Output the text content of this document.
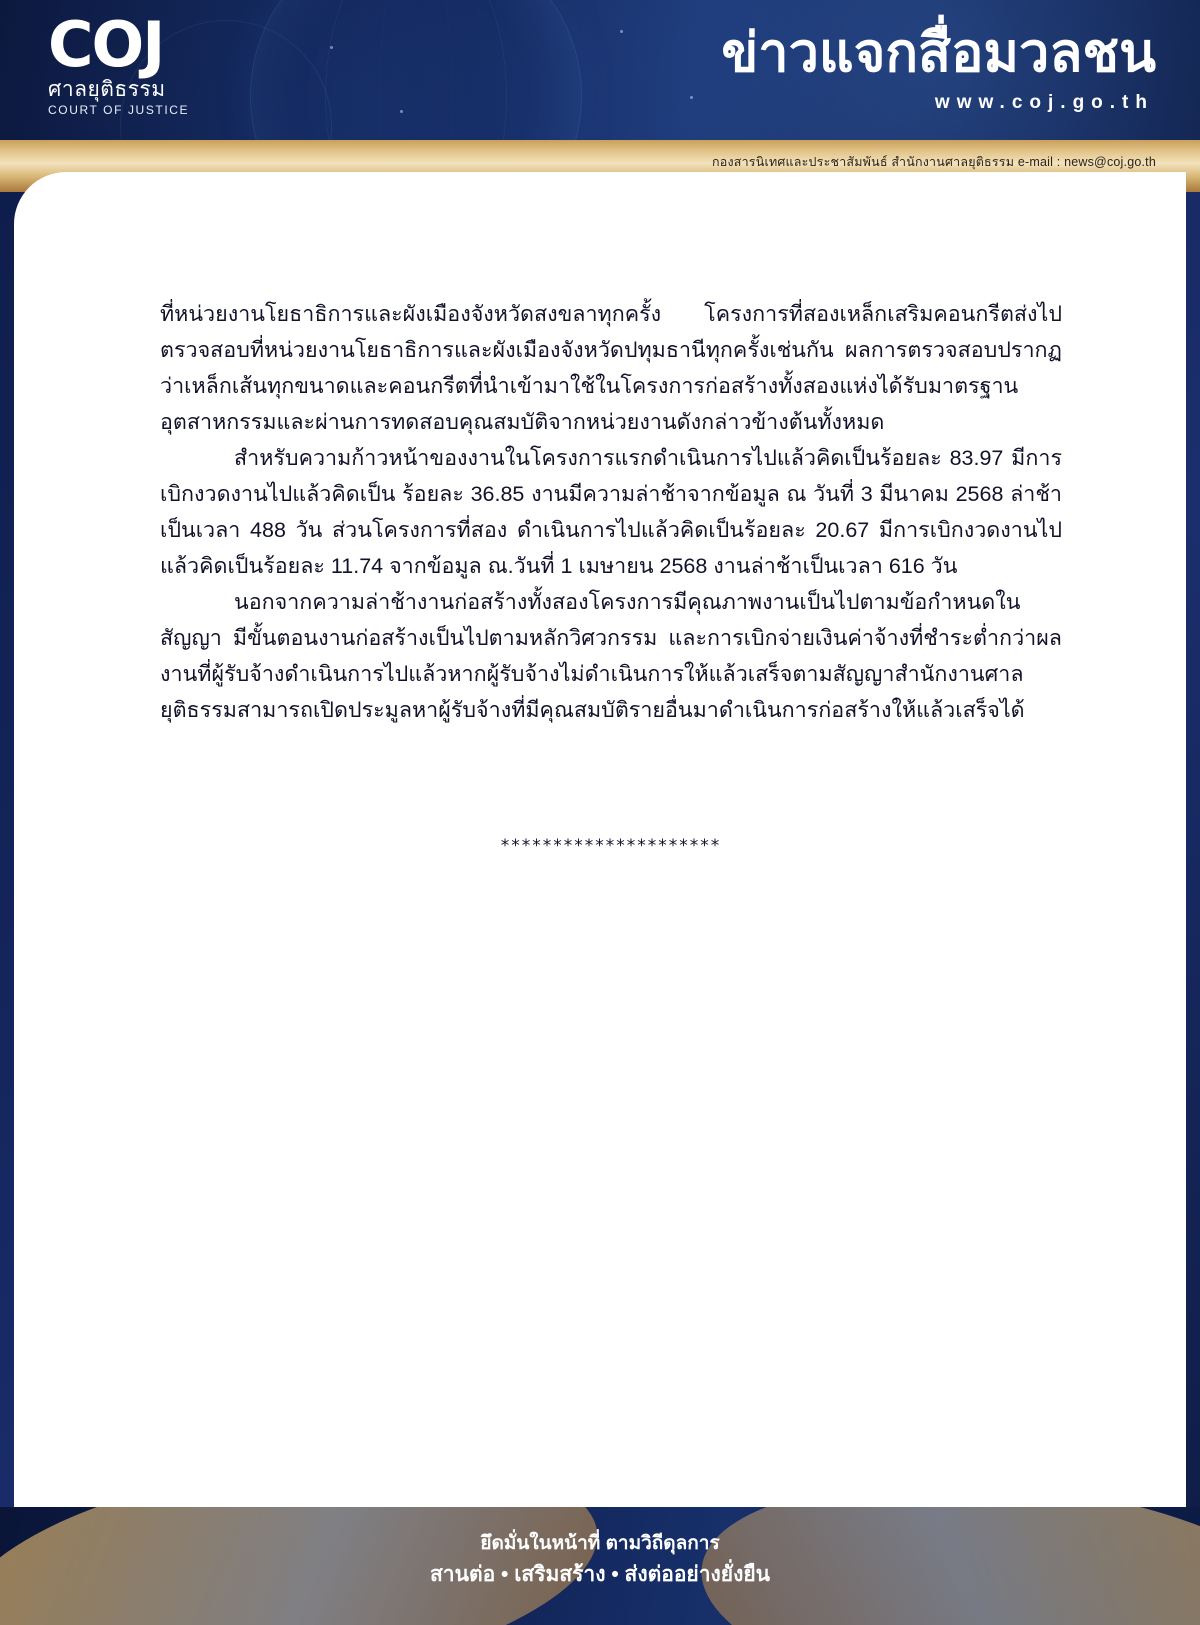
COJ
ศาลยุติธรรม
COURT OF JUSTICE
ข่าวแจกสื่อมวลชน
www.coj.go.th
กองสารนิเทศและประชาสัมพันธ์ สำนักงานศาลยุติธรรม e-mail : news@coj.go.th

ที่หน่วยงานโยธาธิการและผังเมืองจังหวัดสงขลาทุกครั้ง โครงการที่สองเหล็กเสริมคอนกรีตส่งไปตรวจสอบที่หน่วยงานโยธาธิการและผังเมืองจังหวัดปทุมธานีทุกครั้งเช่นกัน ผลการตรวจสอบปรากฏว่าเหล็กเส้นทุกขนาดและคอนกรีตที่นำเข้ามาใช้ในโครงการก่อสร้างทั้งสองแห่งได้รับมาตรฐานอุตสาหกรรมและผ่านการทดสอบคุณสมบัติจากหน่วยงานดังกล่าวข้างต้นทั้งหมด

สำหรับความก้าวหน้าของงานในโครงการแรกดำเนินการไปแล้วคิดเป็นร้อยละ 83.97 มีการเบิกงวดงานไปแล้วคิดเป็น ร้อยละ 36.85 งานมีความล่าช้าจากข้อมูล ณ วันที่ 3 มีนาคม 2568 ล่าช้าเป็นเวลา 488 วัน ส่วนโครงการที่สอง ดำเนินการไปแล้วคิดเป็นร้อยละ 20.67 มีการเบิกงวดงานไปแล้วคิดเป็นร้อยละ 11.74 จากข้อมูล ณ.วันที่ 1 เมษายน 2568 งานล่าช้าเป็นเวลา 616 วัน

นอกจากความล่าช้างานก่อสร้างทั้งสองโครงการมีคุณภาพงานเป็นไปตามข้อกำหนดในสัญญา มีขั้นตอนงานก่อสร้างเป็นไปตามหลักวิศวกรรม และการเบิกจ่ายเงินค่าจ้างที่ชำระต่ำกว่าผลงานที่ผู้รับจ้างดำเนินการไปแล้วหากผู้รับจ้างไม่ดำเนินการให้แล้วเสร็จตามสัญญาสำนักงานศาลยุติธรรมสามารถเปิดประมูลหาผู้รับจ้างที่มีคุณสมบัติรายอื่นมาดำเนินการก่อสร้างให้แล้วเสร็จได้

*********************
ยึดมั่นในหน้าที่ ตามวิถีดุลการ
สานต่อ • เสริมสร้าง • ส่งต่ออย่างยั่งยืน
